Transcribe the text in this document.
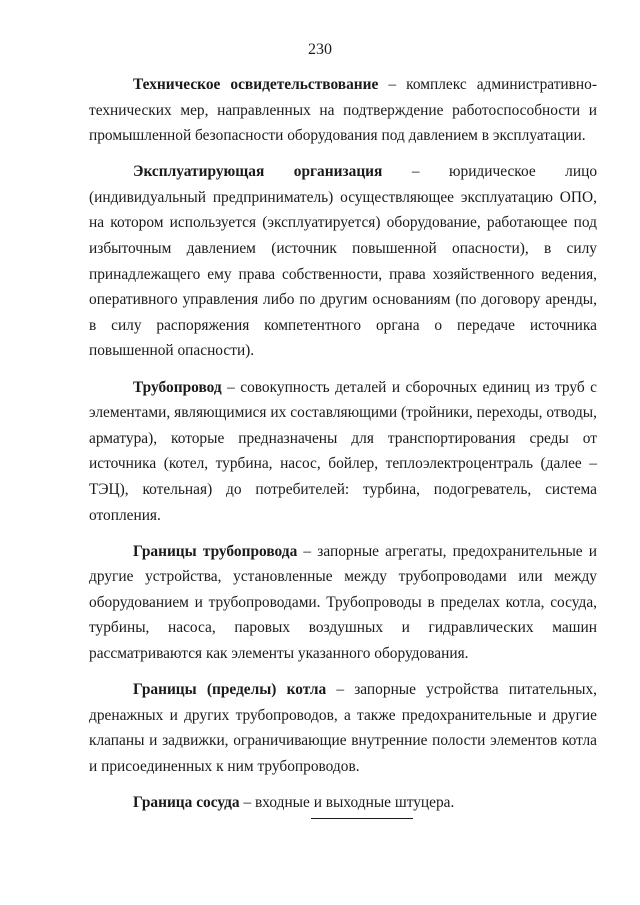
230

Техническое освидетельствование – комплекс административно-технических мер, направленных на подтверждение работоспособности и промышленной безопасности оборудования под давлением в эксплуатации.

Эксплуатирующая организация – юридическое лицо (индивидуальный предприниматель) осуществляющее эксплуатацию ОПО, на котором используется (эксплуатируется) оборудование, работающее под избыточным давлением (источник повышенной опасности), в силу принадлежащего ему права собственности, права хозяйственного ведения, оперативного управления либо по другим основаниям (по договору аренды, в силу распоряжения компетентного органа о передаче источника повышенной опасности).

Трубопровод – совокупность деталей и сборочных единиц из труб с элементами, являющимися их составляющими (тройники, переходы, отводы, арматура), которые предназначены для транспортирования среды от источника (котел, турбина, насос, бойлер, теплоэлектроцентраль (далее – ТЭЦ), котельная) до потребителей: турбина, подогреватель, система отопления.

Границы трубопровода – запорные агрегаты, предохранительные и другие устройства, установленные между трубопроводами или между оборудованием и трубопроводами. Трубопроводы в пределах котла, сосуда, турбины, насоса, паровых воздушных и гидравлических машин рассматриваются как элементы указанного оборудования.

Границы (пределы) котла – запорные устройства питательных, дренажных и других трубопроводов, а также предохранительные и другие клапаны и задвижки, ограничивающие внутренние полости элементов котла и присоединенных к ним трубопроводов.

Граница сосуда – входные и выходные штуцера.
